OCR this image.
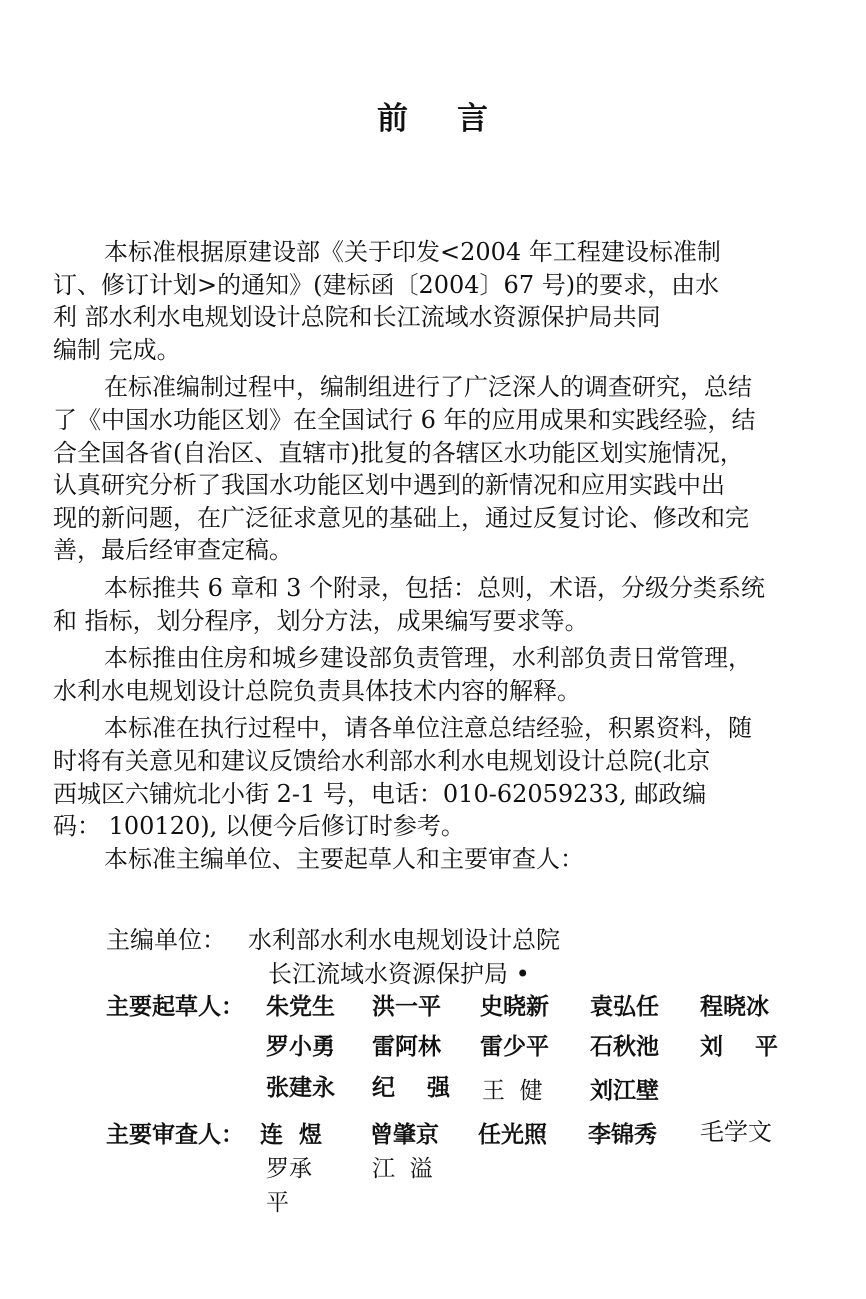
前 言
本标准根据原建设部《关于印发<2004 年工程建设标准制
订、修订计划>的通知》(建标函〔2004〕67 号)的要求，由水
利 部水利水电规划设计总院和长江流域水资源保护局共同
编制 完成。
在标准编制过程中，编制组进行了广泛深人的调查研究，总结
了《中国水功能区划》在全国试行 6 年的应用成果和实践经验，结
合全国各省(自治区、直辖市)批复的各辖区水功能区划实施情况，
认真研究分析了我国水功能区划中遇到的新情况和应用实践中出
现的新问题，在广泛征求意见的基础上，通过反复讨论、修改和完
善，最后经审查定稿。
本标推共 6 章和 3 个附录，包括：总则，术语，分级分类系统
和 指标，划分程序，划分方法，成果编写要求等。
本标推由住房和城乡建设部负责管理，水利部负责日常管理，
水利水电规划设计总院负责具体技术内容的解释。
本标准在执行过程中，请各单位注意总结经验，积累资料，随
时将有关意见和建议反馈给水利部水利水电规划设计总院(北京
西城区六铺炕北小街 2-1 号，电话：010-62059233, 邮政编
码： 100120), 以便今后修订时参考。
本标准主编单位、主要起草人和主要审查人：
主编单位： 水利部水利水电规划设计总院
长江流域水资源保护局 •
主要起草人： 朱党生 洪一平 史晓新 袁弘任 程晓冰
罗小勇 雷阿林 雷少平 石秋池 刘    平
张建永 纪    强 王  健 刘江壁
主要审查人： 连  煜 曾肇京 任光照 李锦秀 毛学文
罗承	江  溢
平
